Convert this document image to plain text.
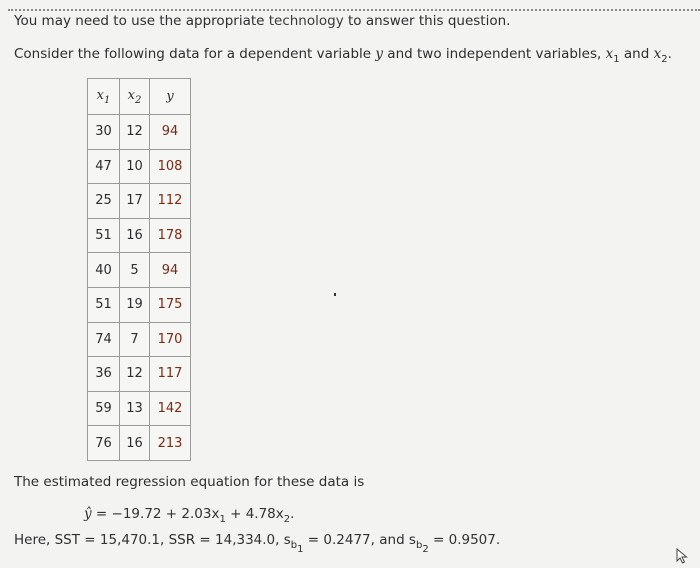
You may need to use the appropriate technology to answer this question.
Consider the following data for a dependent variable y and two independent variables, $x_1$ and $x_2$.
$x_1$	$x_2$	y
30	12	94
47	10	108
25	17	112
51	16	178
40	5	94
51	19	175
74	7	170
36	12	117
59	13	142
76	16	213
The estimated regression equation for these data is
ŷ = $-19.72 + 2.03x_1 + 4.78x_2$.
Here, SST = 15,470.1, SSR = 14,334.0, $s_{b_1} = 0.2477$, and $s_{b_2} = 0.9507$.
